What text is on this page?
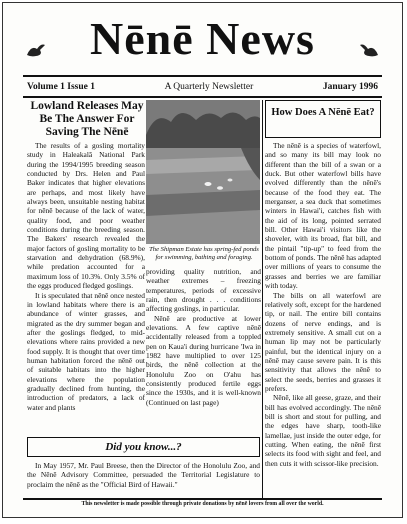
Nēnē News
Volume 1 Issue 1	A Quarterly Newsletter	January 1996
Lowland Releases May Be The Answer For Saving The Nēnē

The results of a gosling mortality study in Haleakalā National Park during the 1994/1995 breeding season conducted by Drs. Helen and Paul Baker indicates that higher elevations are perhaps, and most likely have always been, unsuitable nesting habitat for nēnē because of the lack of water, quality food, and poor weather conditions during the breeding season. The Bakers' research revealed the major factors of gosling mortality to be starvation and dehydration (68.9%), while predation accounted for a maximum loss of 10.3%. Only 3.5% of the eggs produced fledged goslings.

It is speculated that nēnē once nested in lowland habitats where there is an abundance of winter grasses, and migrated as the dry summer began and after the goslings fledged, to mid-elevations where rains provided a new food supply. It is thought that over time human habitation forced the nēnē out of suitable habitats into the higher elevations where the population gradually declined from hunting, the introduction of predators, a lack of water and plants

The Shipman Estate has spring-fed ponds for swimming, bathing and foraging.

providing quality nutrition, and weather extremes – freezing temperatures, periods of excessive rain, then drought . . . conditions affecting goslings, in particular.

Nēnē are productive at lower elevations. A few captive nēnē accidentally released from a toppled pen on Kaua'i during hurricane 'Iwa in 1982 have multiplied to over 125 birds, the nēnē collection at the Honolulu Zoo on O'ahu has consistently produced fertile eggs since the 1930s, and it is well-known (Continued on last page)

How Does A Nēnē Eat?

The nēnē is a species of waterfowl, and so many its bill may look no different than the bill of a swan or a duck. But other waterfowl bills have evolved differently than the nēnē's because of the food they eat. The merganser, a sea duck that sometimes winters in Hawai'i, catches fish with the aid of its long, pointed serrated bill. Other Hawai'i visitors like the shoveler, with its broad, flat bill, and the pintail "tip-up" to feed from the bottom of ponds. The nēnē has adapted over millions of years to consume the grasses and berries we are familiar with today.

The bills on all waterfowl are relatively soft, except for the hardened tip, or nail. The entire bill contains dozens of nerve endings, and is extremely sensitive. A small cut on a human lip may not be particularly painful, but the identical injury on a nēnē may cause severe pain. It is this sensitivity that allows the nēnē to select the seeds, berries and grasses it prefers.

Nēnē, like all geese, graze, and their bill has evolved accordingly. The nēnē bill is short and stout for pulling, and the edges have sharp, tooth-like lamellae, just inside the outer edge, for cutting. When eating, the nēnē first selects its food with sight and feel, and then cuts it with scissor-like precision.

Did you know...?

In May 1957, Mr. Paul Breese, then the Director of the Honolulu Zoo, and the Nēnē Advisory Committee, persuaded the Territorial Legislature to proclaim the nēnē as the "Official Bird of Hawaii."

This newsletter is made possible through private donations by nēnē lovers from all over the world.
